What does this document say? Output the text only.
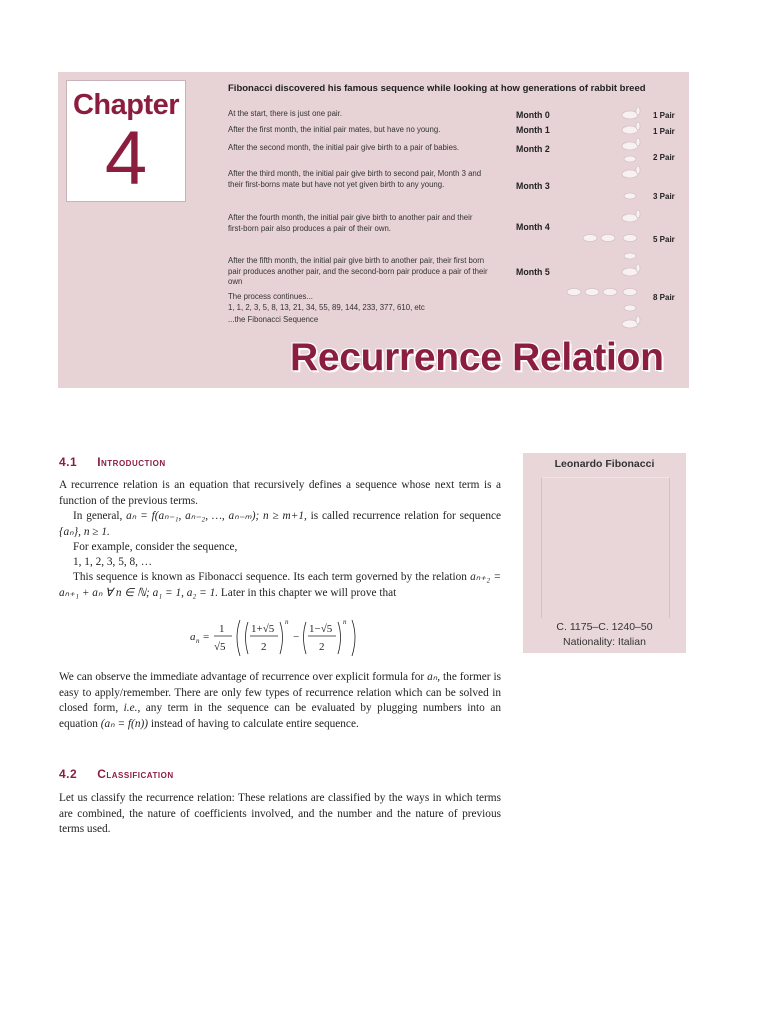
Chapter
4
Fibonacci discovered his famous sequence while looking at how generations of rabbit breed
At the start, there is just one pair.
After the first month, the initial pair mates, but have no young.
After the second month, the initial pair give birth to a pair of babies.
After the third month, the initial pair give birth to second pair, Month 3 and their first-borns mate but have not yet given birth to any young.
After the fourth month, the initial pair give birth to another pair and their first-born pair also produces a pair of their own.
After the fifth month, the initial pair give birth to another pair, their first born pair produces another pair, and the second-born pair produce a pair of their own
The process continues...
1, 1, 2, 3, 5, 8, 13, 21, 34, 55, 89, 144, 233, 377, 610, etc
...the Fibonacci Sequence
Month 0
Month 1
Month 2
Month 3
Month 4
Month 5
1 Pair
1 Pair
2 Pair
3 Pair
5 Pair
8 Pair
Recurrence Relation
4.1 Introduction
A recurrence relation is an equation that recursively defines a sequence whose next term is a function of the previous terms.
In general, aₙ = f(aₙ₋₁, aₙ₋₂, …, aₙ₋ₘ); n ≥ m+1, is called recurrence relation for sequence {aₙ}, n ≥ 1.
For example, consider the sequence,
1, 1, 2, 3, 5, 8, …
This sequence is known as Fibonacci sequence. Its each term governed by the relation aₙ₊₂ = aₙ₊₁ + aₙ ∀ n ∈ ℕ; a₁ = 1, a₂ = 1. Later in this chapter we will prove that
a n =
1
√5
1+√5
2
n
−
1−√5
2
n
We can observe the immediate advantage of recurrence over explicit formula for aₙ, the former is easy to apply/remember. There are only few types of recurrence relation which can be solved in closed form, i.e., any term in the sequence can be evaluated by plugging numbers into an equation (aₙ = f(n)) instead of having to calculate entire sequence.
4.2 Classification
Let us classify the recurrence relation: These relations are classified by the ways in which terms are combined, the nature of coefficients involved, and the number and the nature of previous terms used.
Leonardo Fibonacci
C. 1175–C. 1240–50
Nationality: Italian
